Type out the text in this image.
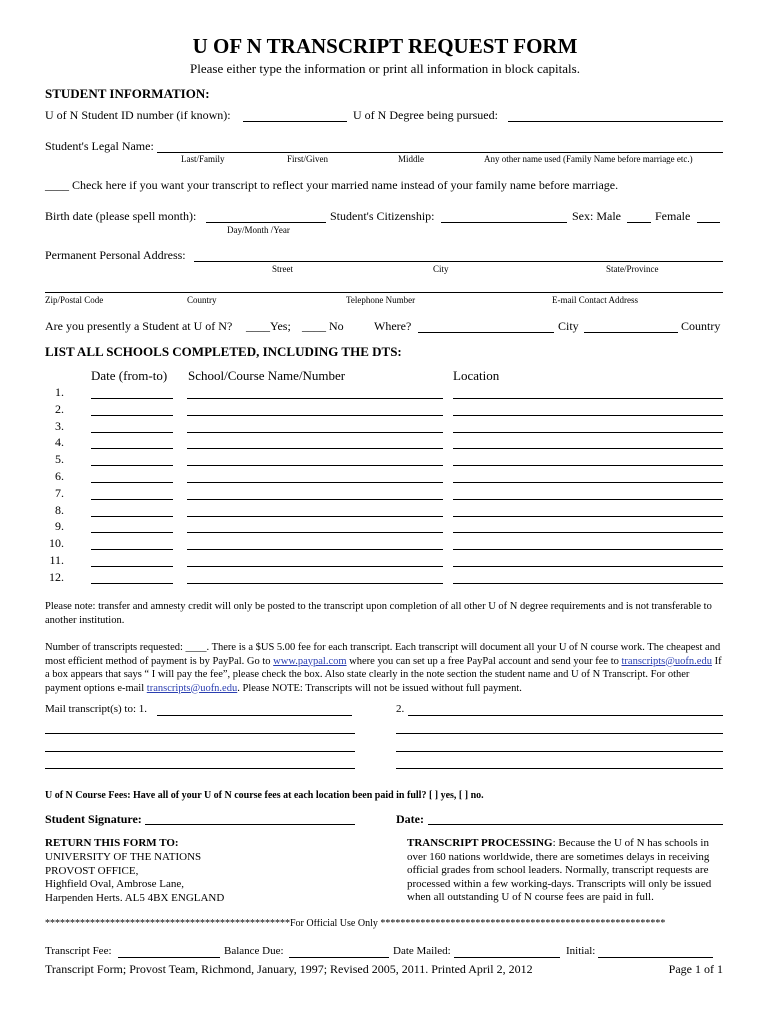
U OF N TRANSCRIPT REQUEST FORM
Please either type the information or print all information in block capitals.
STUDENT INFORMATION:
U of N Student ID number (if known):	U of N Degree being pursued:
Student's Legal Name:
Last/Family	First/Given	Middle	Any other name used (Family Name before marriage etc.)
____ Check here if you want your transcript to reflect your married name instead of your family name before marriage.
Birth date (please spell month):
Day/Month /Year
Student's Citizenship:	Sex: Male	Female
Permanent Personal Address:
Street	City	State/Province
Zip/Postal Code	Country	Telephone Number	E-mail Contact Address
Are you presently a Student at U of N? ____Yes; ____ No	Where?	City	Country
LIST ALL SCHOOLS COMPLETED, INCLUDING THE DTS:
Date (from-to) School/Course Name/Number	Location
1.
2.
3.
4.
5.
6.
7.
8.
9.
10.
11.
12.
Please note: transfer and amnesty credit will only be posted to the transcript upon completion of all other U of N degree requirements and is not transferable to another institution.
Number of transcripts requested: ____. There is a $US 5.00 fee for each transcript. Each transcript will document all your U of N course work. The cheapest and most efficient method of payment is by PayPal. Go to www.paypal.com where you can set up a free PayPal account and send your fee to transcripts@uofn.edu If a box appears that says “ I will pay the fee”, please check the box. Also state clearly in the note section the student name and U of N Transcript. For other payment options e-mail transcripts@uofn.edu. Please NOTE: Transcripts will not be issued without full payment.
Mail transcript(s) to: 1.	2.
U of N Course Fees: Have all of your U of N course fees at each location been paid in full? [ ] yes, [ ] no.
Student Signature:	Date:
RETURN THIS FORM TO:
UNIVERSITY OF THE NATIONS
PROVOST OFFICE,
Highfield Oval, Ambrose Lane,
Harpenden Herts. AL5 4BX ENGLAND
TRANSCRIPT PROCESSING: Because the U of N has schools in over 160 nations worldwide, there are sometimes delays in receiving official grades from school leaders. Normally, transcript requests are processed within a few working-days. Transcripts will only be issued when all outstanding U of N course fees are paid in full.
*************************************************For Official Use Only *********************************************************
Transcript Fee:	Balance Due:	Date Mailed:	Initial:
Transcript Form; Provost Team, Richmond, January, 1997; Revised 2005, 2011. Printed April 2, 2012	Page 1 of 1
